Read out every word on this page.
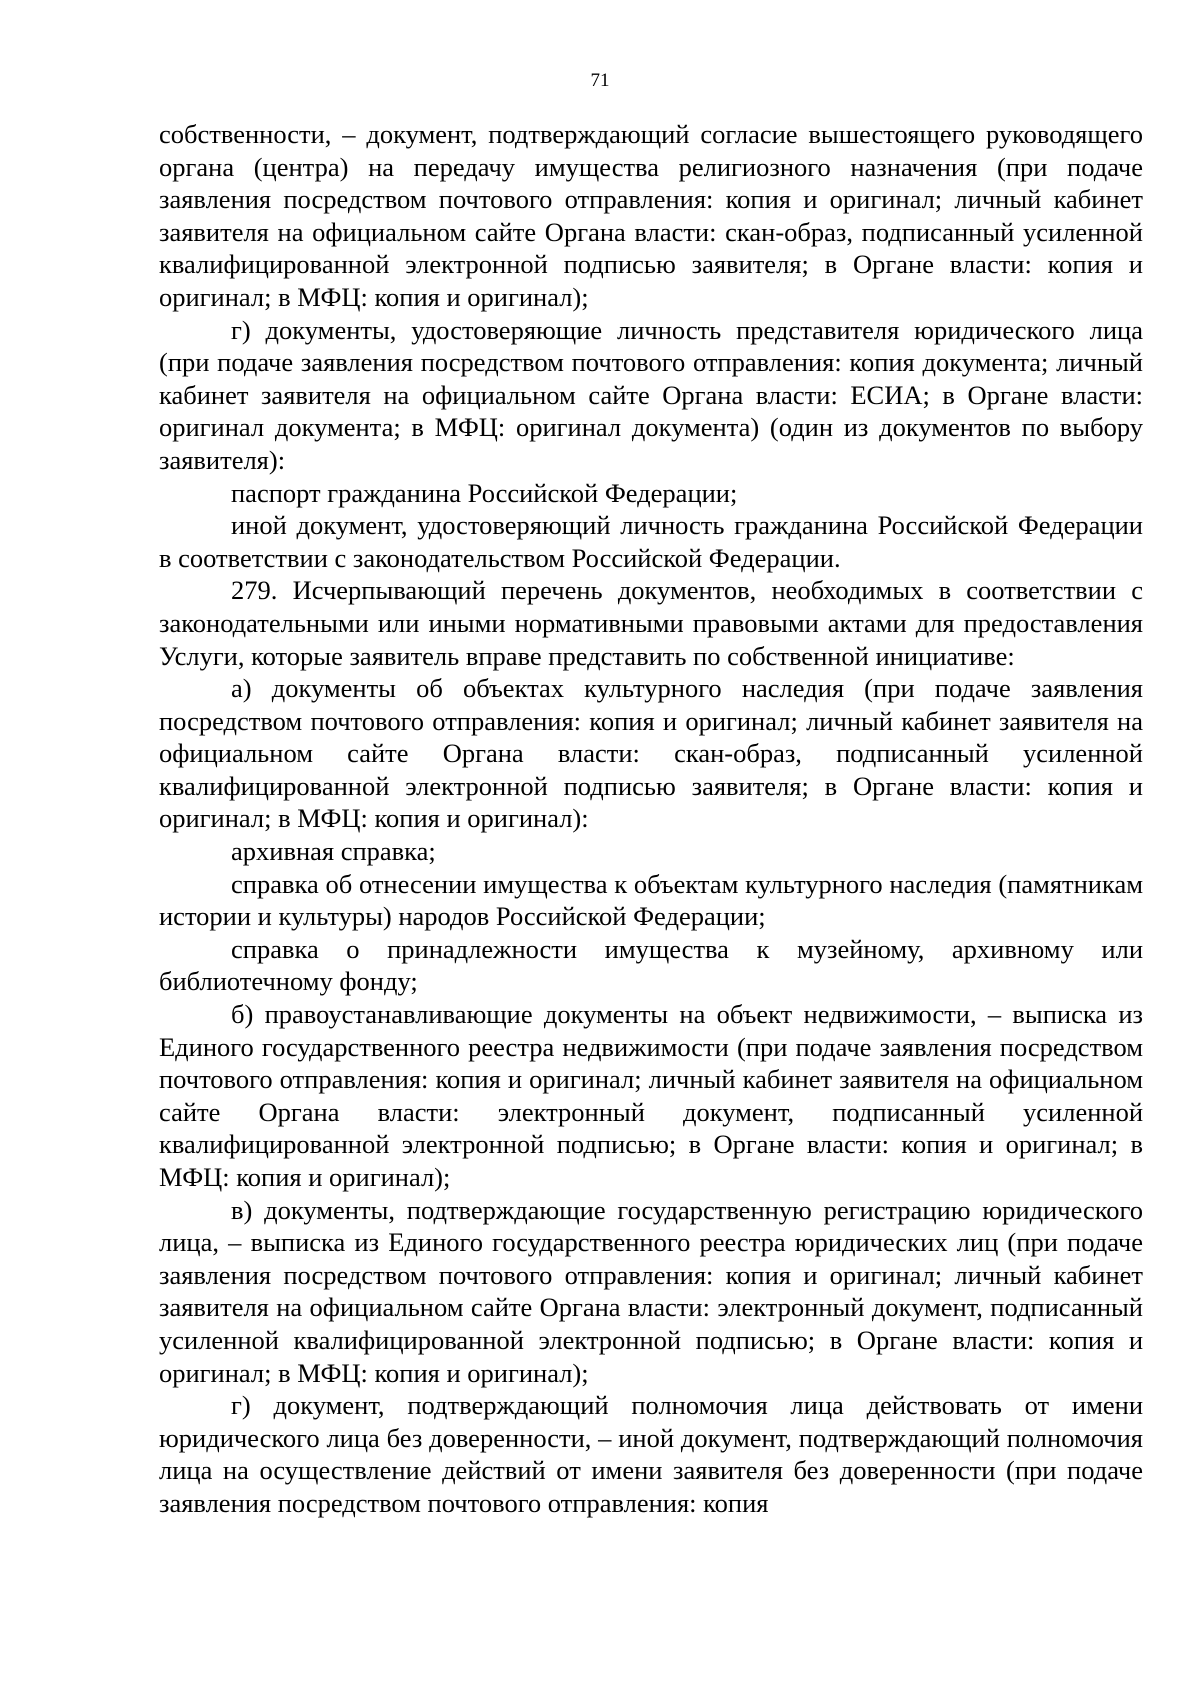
71

собственности, – документ, подтверждающий согласие вышестоящего руководящего органа (центра) на передачу имущества религиозного назначения (при подаче заявления посредством почтового отправления: копия и оригинал; личный кабинет заявителя на официальном сайте Органа власти: скан-образ, подписанный усиленной квалифицированной электронной подписью заявителя; в Органе власти: копия и оригинал; в МФЦ: копия и оригинал);

г) документы, удостоверяющие личность представителя юридического лица (при подаче заявления посредством почтового отправления: копия документа; личный кабинет заявителя на официальном сайте Органа власти: ЕСИА; в Органе власти: оригинал документа; в МФЦ: оригинал документа) (один из документов по выбору заявителя):

паспорт гражданина Российской Федерации;

иной документ, удостоверяющий личность гражданина Российской Федерации в соответствии с законодательством Российской Федерации.

279. Исчерпывающий перечень документов, необходимых в соответствии с законодательными или иными нормативными правовыми актами для предоставления Услуги, которые заявитель вправе представить по собственной инициативе:

а) документы об объектах культурного наследия (при подаче заявления посредством почтового отправления: копия и оригинал; личный кабинет заявителя на официальном сайте Органа власти: скан-образ, подписанный усиленной квалифицированной электронной подписью заявителя; в Органе власти: копия и оригинал; в МФЦ: копия и оригинал):

архивная справка;

справка об отнесении имущества к объектам культурного наследия (памятникам истории и культуры) народов Российской Федерации;

справка о принадлежности имущества к музейному, архивному или библиотечному фонду;

б) правоустанавливающие документы на объект недвижимости, – выписка из Единого государственного реестра недвижимости (при подаче заявления посредством почтового отправления: копия и оригинал; личный кабинет заявителя на официальном сайте Органа власти: электронный документ, подписанный усиленной квалифицированной электронной подписью; в Органе власти: копия и оригинал; в МФЦ: копия и оригинал);

в) документы, подтверждающие государственную регистрацию юридического лица, – выписка из Единого государственного реестра юридических лиц (при подаче заявления посредством почтового отправления: копия и оригинал; личный кабинет заявителя на официальном сайте Органа власти: электронный документ, подписанный усиленной квалифицированной электронной подписью; в Органе власти: копия и оригинал; в МФЦ: копия и оригинал);

г) документ, подтверждающий полномочия лица действовать от имени юридического лица без доверенности, – иной документ, подтверждающий полномочия лица на осуществление действий от имени заявителя без доверенности (при подаче заявления посредством почтового отправления: копия
